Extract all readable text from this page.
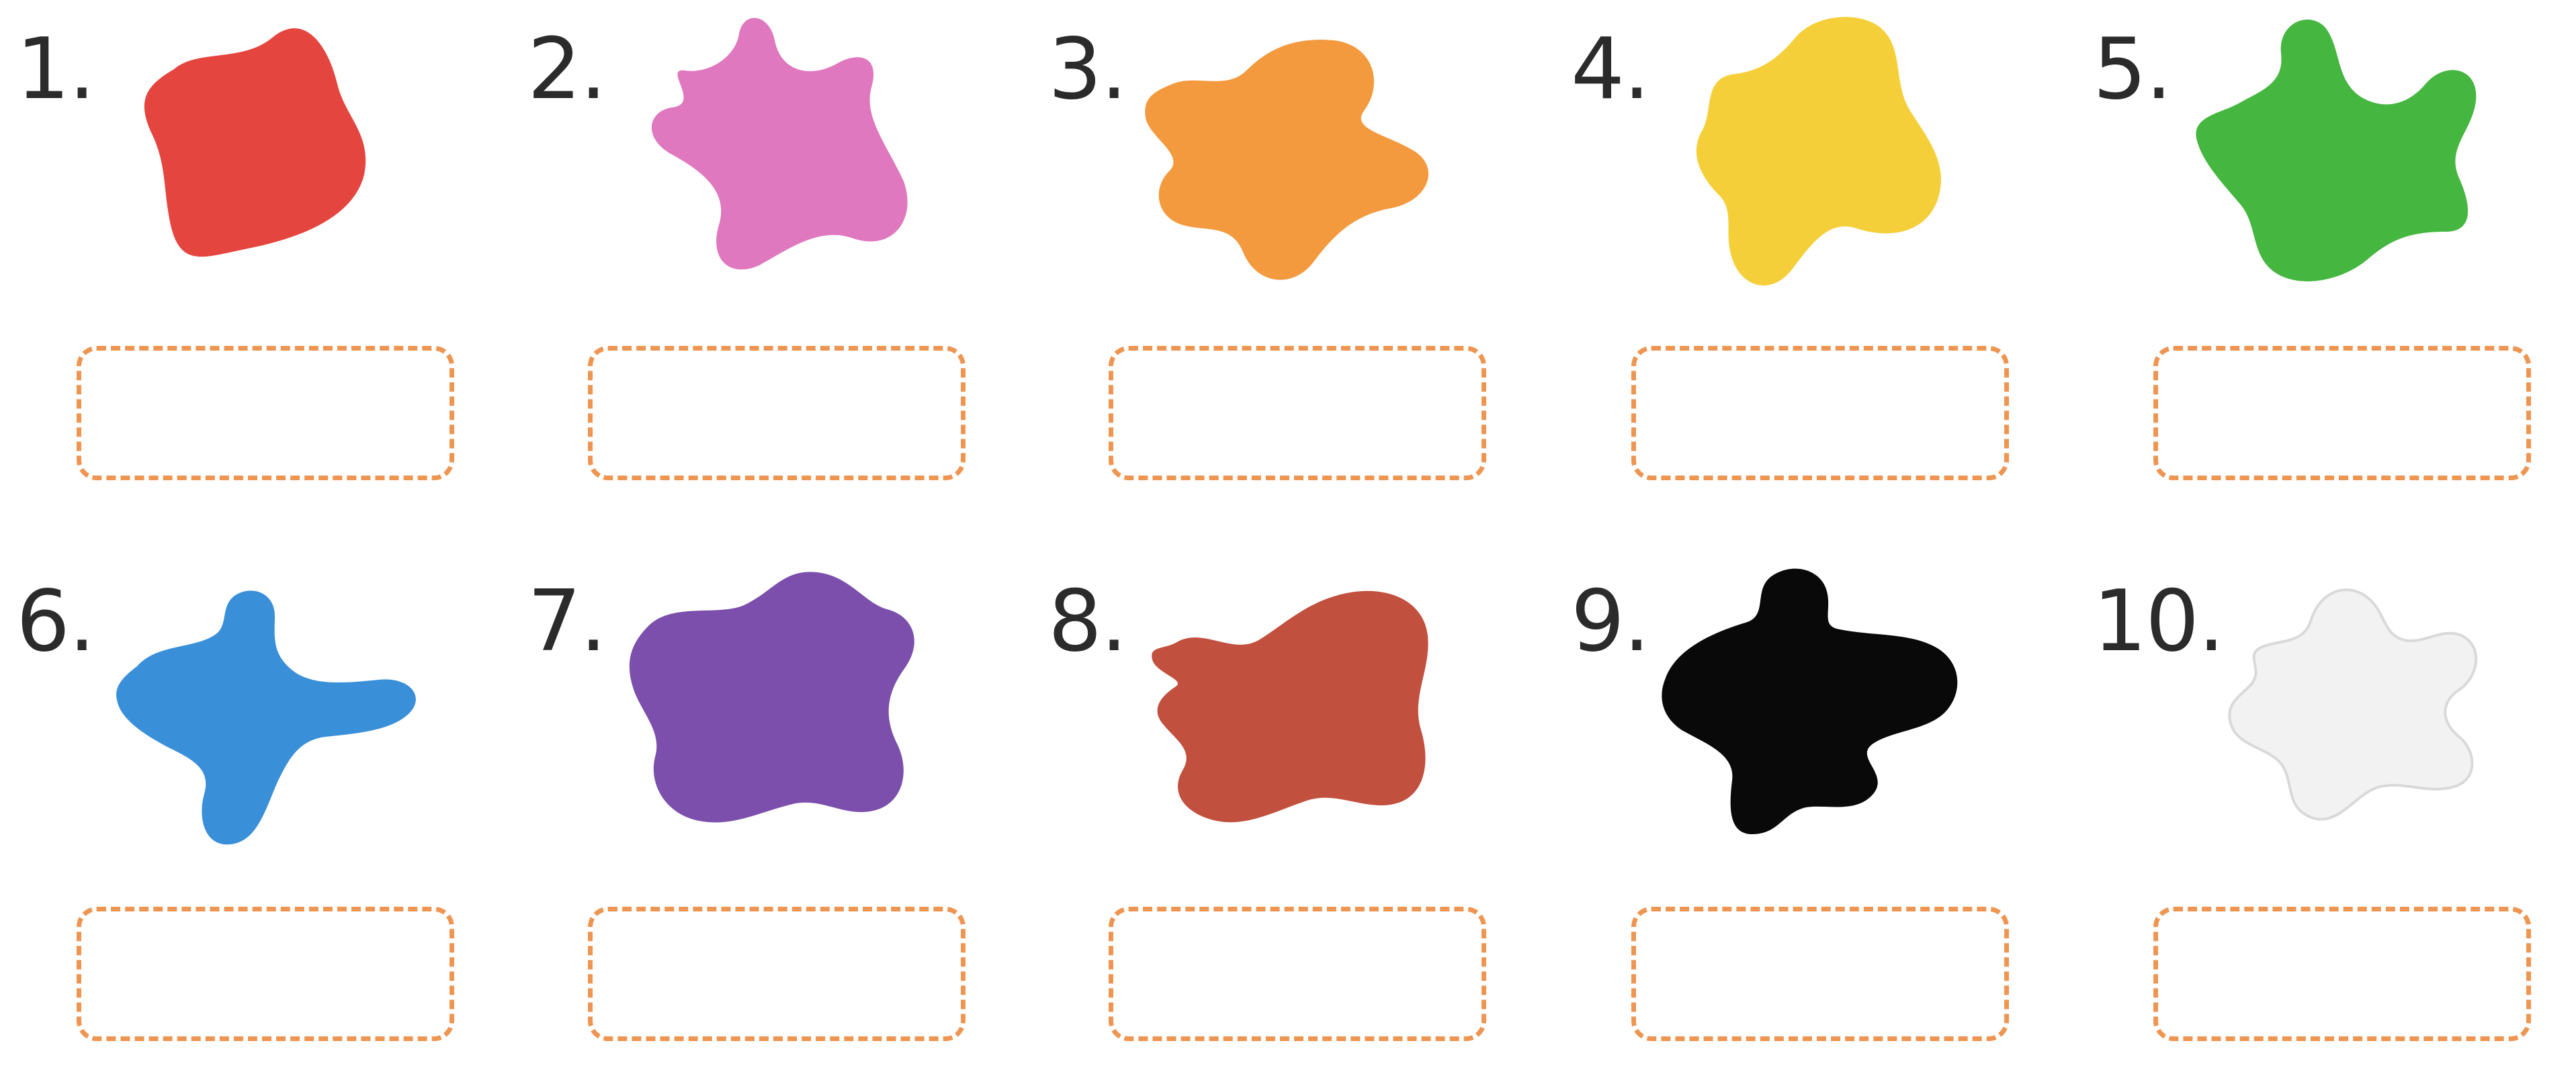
1.	2.	3.	4.	5.
6.	7.	8.	9.	10.
